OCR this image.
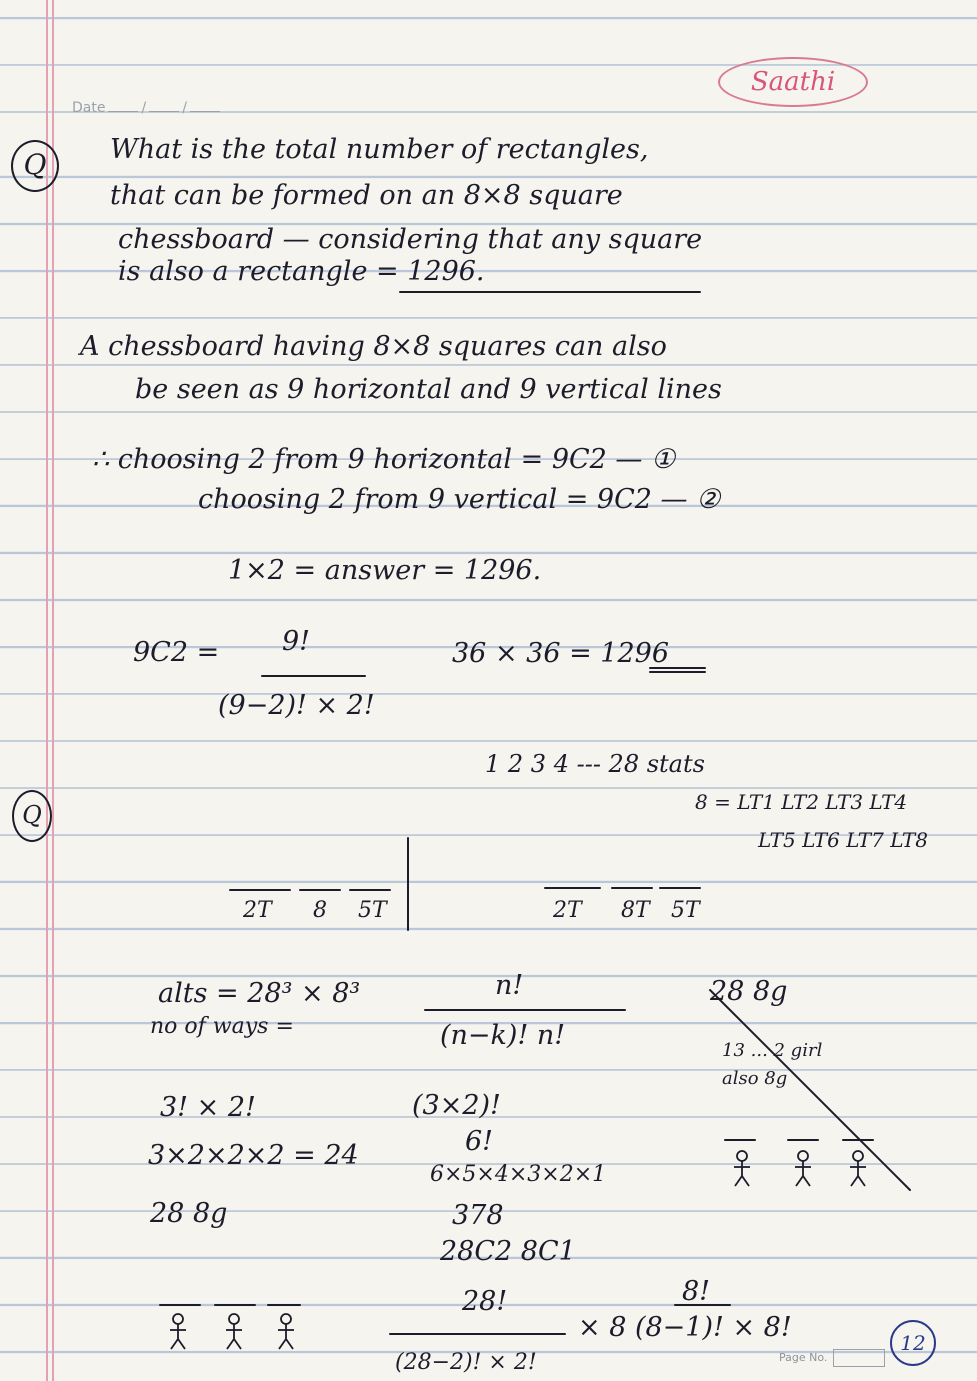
Saathi
Date	/	/
Q	What is the total number of rectangles,
that can be formed on an 8×8 square
chessboard — considering that any square
is also a rectangle = 1296.
A chessboard having 8×8 squares can also
be seen as 9 horizontal and 9 vertical lines
∴ choosing 2 from 9 horizontal = 9C2 — ①
choosing 2 from 9 vertical = 9C2 — ②
1×2 = answer = 1296.
9C2 = 9!
(9−2)! × 2!
36 × 36 = 1296
Q
1 2 3 4 --- 28 stats
8 = LT1 LT2 LT3 LT4
LT5 LT6 LT7 LT8
2T 8 5T	2T 8T 5T
alts = 28³ × 8³
no of ways =
n!
(n−k)! n!
28 8g
13 ... 2 girl
also 8g
3! × 2!
3×2×2×2 = 24
28 8g
(3×2)!
6!
6×5×4×3×2×1
378
28C2 8C1
28!
(28−2)! × 2!
× 8 (8−1)! × 8!
8!
Page No.
12
